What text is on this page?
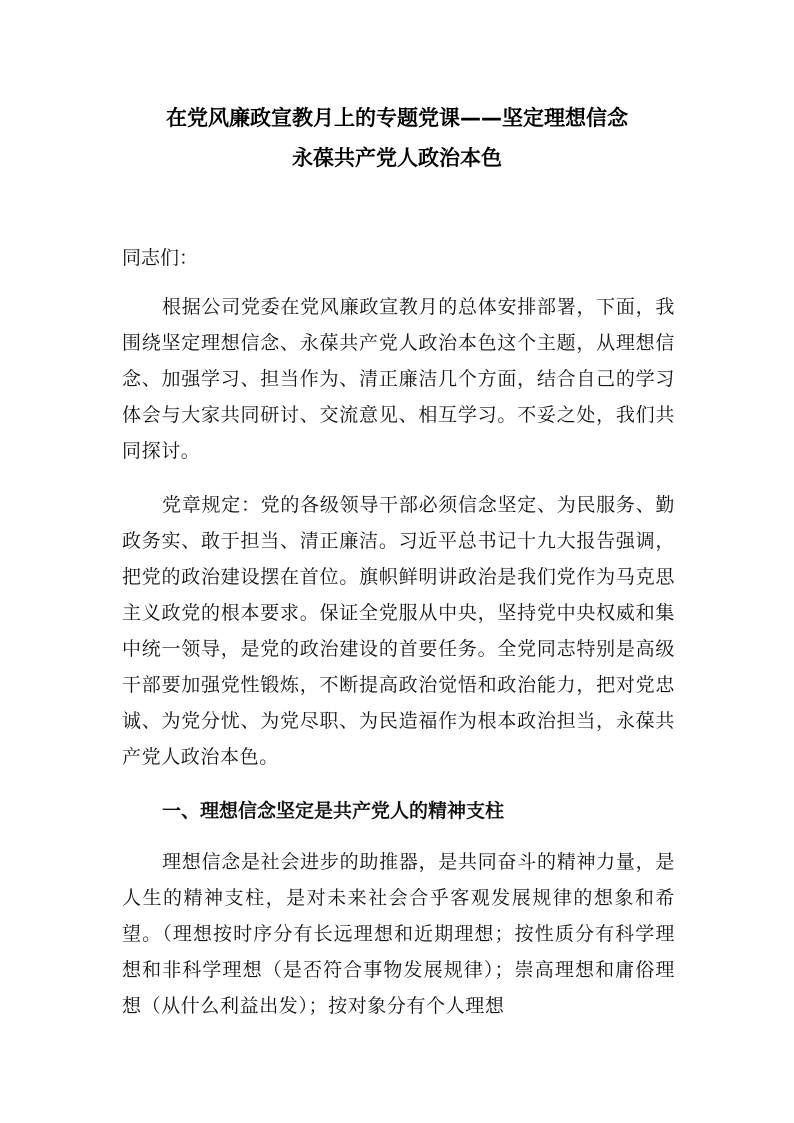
在党风廉政宣教月上的专题党课——坚定理想信念
永葆共产党人政治本色
同志们：

根据公司党委在党风廉政宣教月的总体安排部署，下面，我围绕坚定理想信念、永葆共产党人政治本色这个主题，从理想信念、加强学习、担当作为、清正廉洁几个方面，结合自己的学习体会与大家共同研讨、交流意见、相互学习。不妥之处，我们共同探讨。

党章规定：党的各级领导干部必须信念坚定、为民服务、勤政务实、敢于担当、清正廉洁。习近平总书记十九大报告强调，把党的政治建设摆在首位。旗帜鲜明讲政治是我们党作为马克思主义政党的根本要求。保证全党服从中央，坚持党中央权威和集中统一领导，是党的政治建设的首要任务。全党同志特别是高级干部要加强党性锻炼，不断提高政治觉悟和政治能力，把对党忠诚、为党分忧、为党尽职、为民造福作为根本政治担当，永葆共产党人政治本色。

一、理想信念坚定是共产党人的精神支柱

理想信念是社会进步的助推器，是共同奋斗的精神力量，是人生的精神支柱，是对未来社会合乎客观发展规律的想象和希望。（理想按时序分有长远理想和近期理想；按性质分有科学理想和非科学理想（是否符合事物发展规律）；崇高理想和庸俗理想（从什么利益出发）；按对象分有个人理想
